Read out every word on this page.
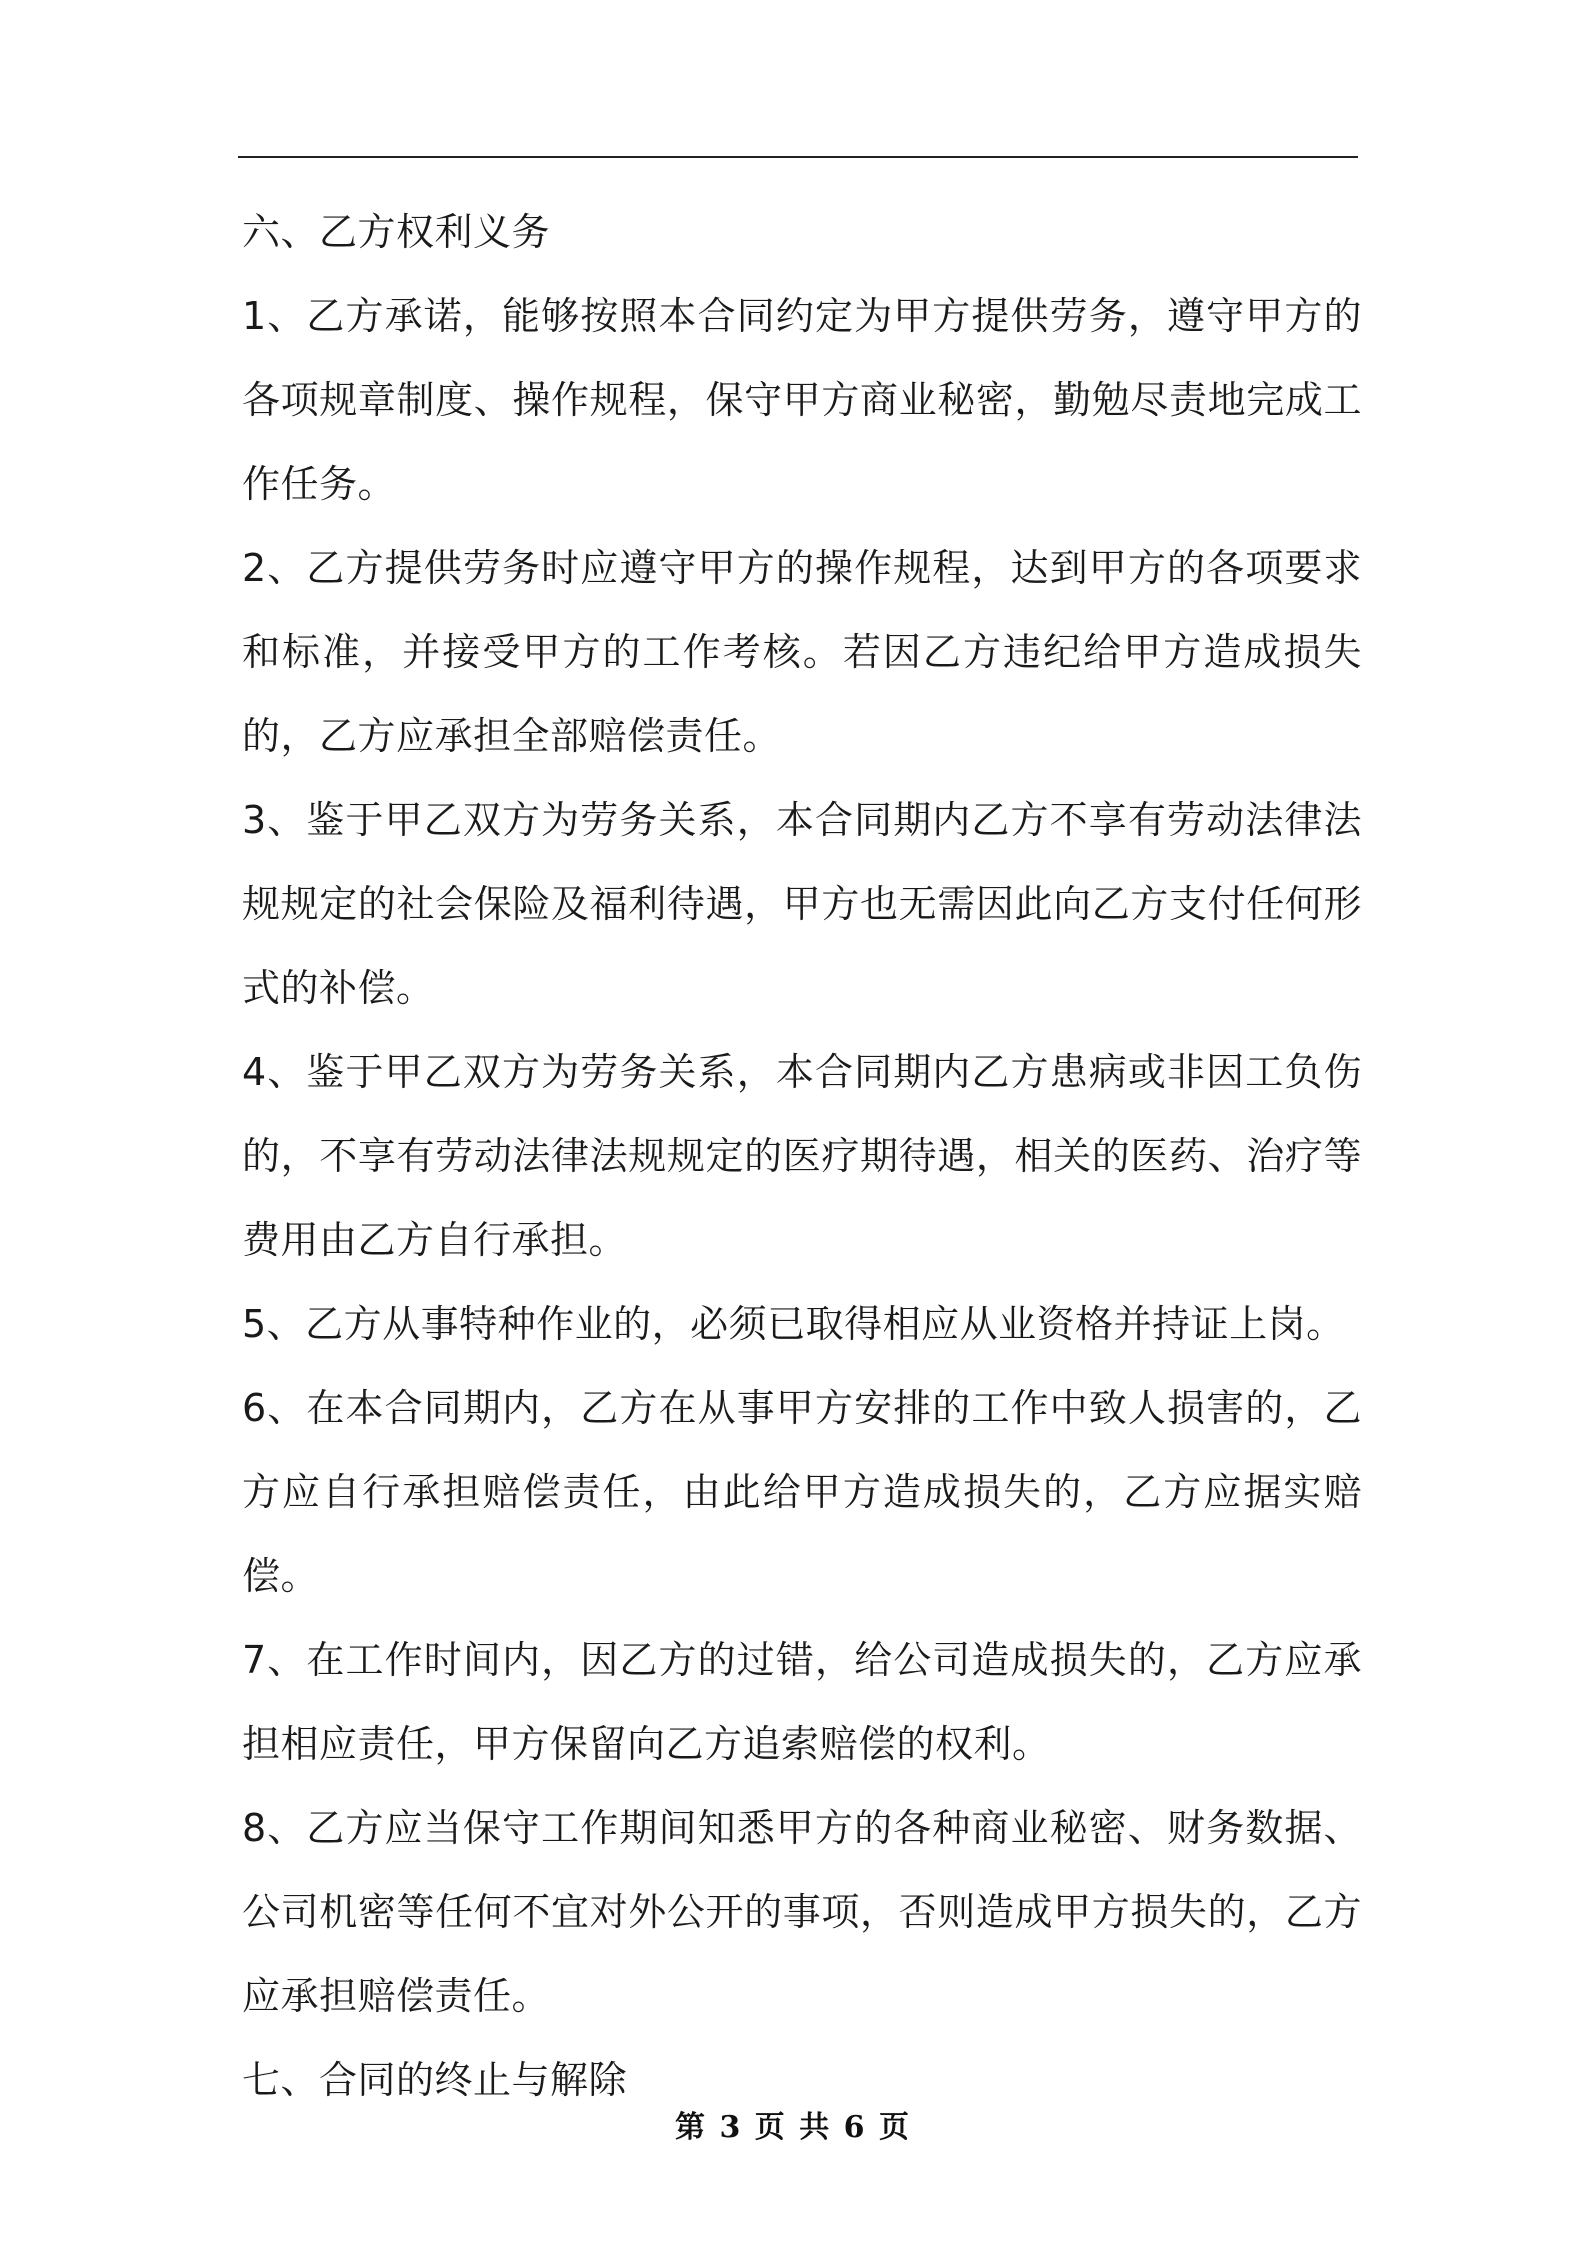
六、乙方权利义务

1、乙方承诺，能够按照本合同约定为甲方提供劳务，遵守甲方的各项规章制度、操作规程，保守甲方商业秘密，勤勉尽责地完成工作任务。

2、乙方提供劳务时应遵守甲方的操作规程，达到甲方的各项要求和标准，并接受甲方的工作考核。若因乙方违纪给甲方造成损失的，乙方应承担全部赔偿责任。

3、鉴于甲乙双方为劳务关系，本合同期内乙方不享有劳动法律法规规定的社会保险及福利待遇，甲方也无需因此向乙方支付任何形式的补偿。

4、鉴于甲乙双方为劳务关系，本合同期内乙方患病或非因工负伤的，不享有劳动法律法规规定的医疗期待遇，相关的医药、治疗等费用由乙方自行承担。

5、乙方从事特种作业的，必须已取得相应从业资格并持证上岗。

6、在本合同期内，乙方在从事甲方安排的工作中致人损害的，乙方应自行承担赔偿责任，由此给甲方造成损失的，乙方应据实赔偿。

7、在工作时间内，因乙方的过错，给公司造成损失的，乙方应承担相应责任，甲方保留向乙方追索赔偿的权利。

8、乙方应当保守工作期间知悉甲方的各种商业秘密、财务数据、公司机密等任何不宜对外公开的事项，否则造成甲方损失的，乙方应承担赔偿责任。

七、合同的终止与解除

第 3 页 共 6 页
